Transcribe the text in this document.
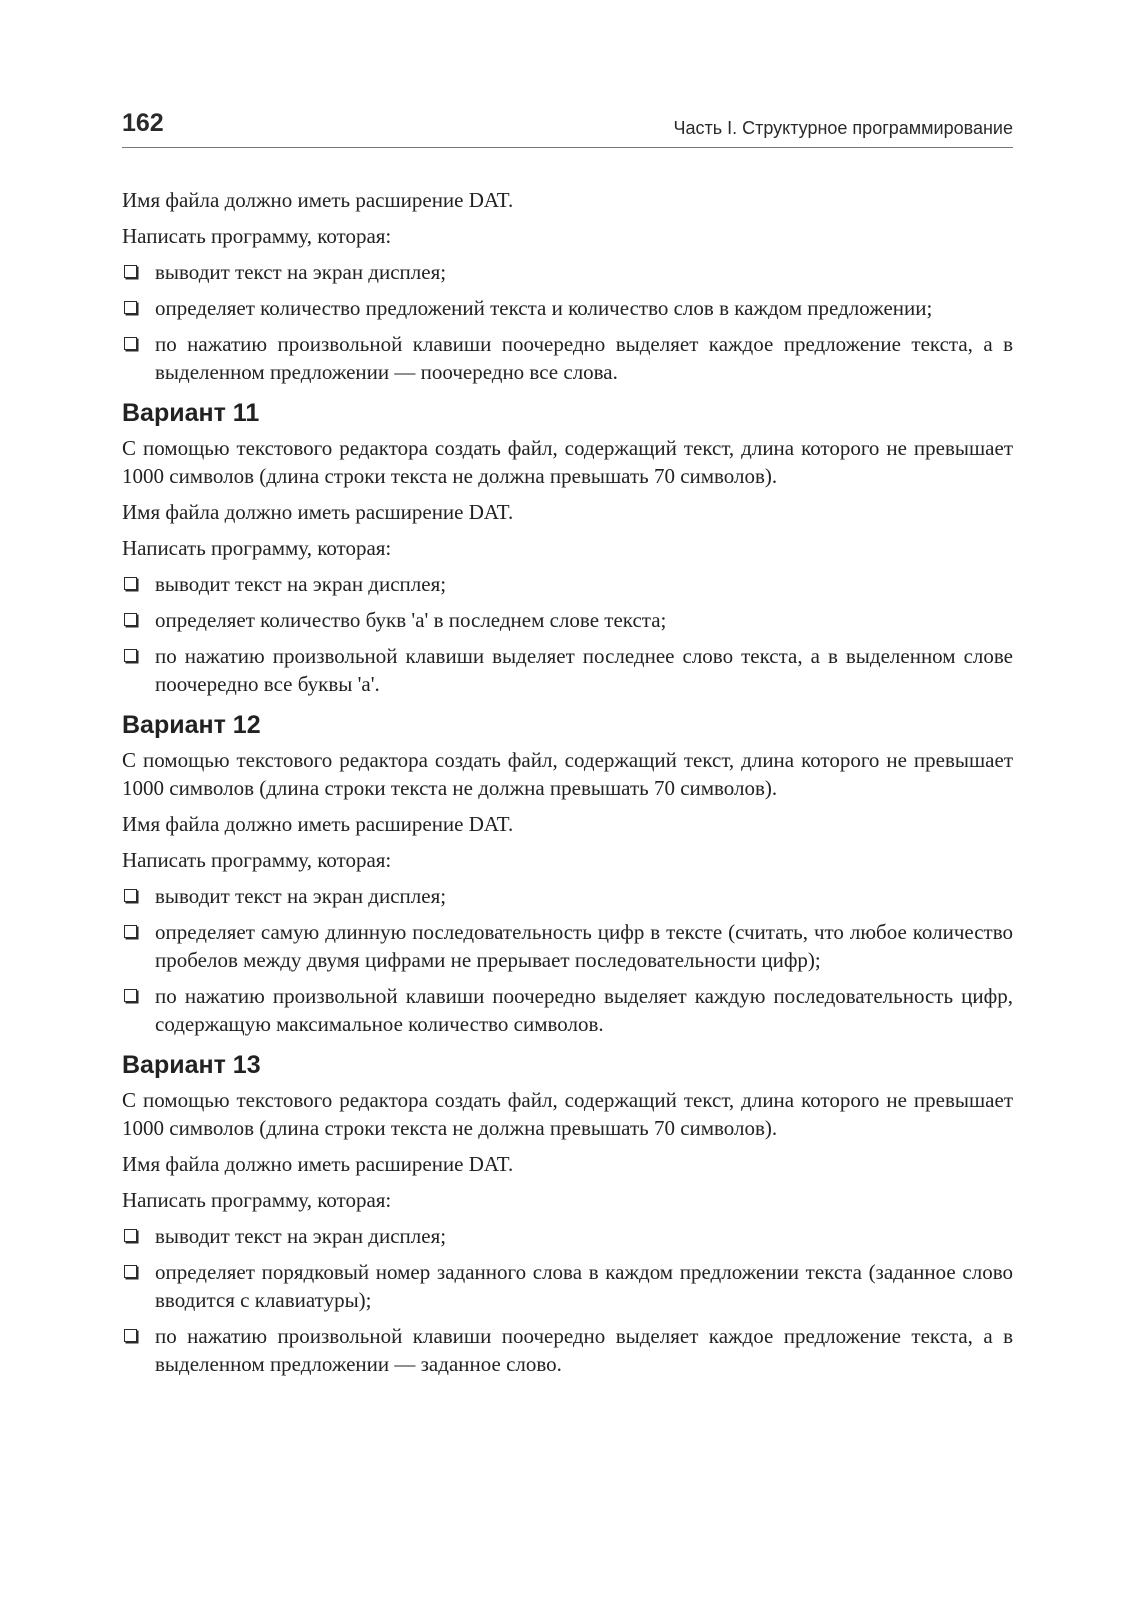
162	Часть I. Структурное программирование

Имя файла должно иметь расширение DAT.

Написать программу, которая:

выводит текст на экран дисплея;
определяет количество предложений текста и количество слов в каждом предложении;
по нажатию произвольной клавиши поочередно выделяет каждое предложение текста, а в выделенном предложении — поочередно все слова.
Вариант 11

С помощью текстового редактора создать файл, содержащий текст, длина которого не превышает 1000 символов (длина строки текста не должна превышать 70 символов).

Имя файла должно иметь расширение DAT.

Написать программу, которая:

выводит текст на экран дисплея;
определяет количество букв 'a' в последнем слове текста;
по нажатию произвольной клавиши выделяет последнее слово текста, а в выделенном слове поочередно все буквы 'a'.
Вариант 12

С помощью текстового редактора создать файл, содержащий текст, длина которого не превышает 1000 символов (длина строки текста не должна превышать 70 символов).

Имя файла должно иметь расширение DAT.

Написать программу, которая:

выводит текст на экран дисплея;
определяет самую длинную последовательность цифр в тексте (считать, что любое количество пробелов между двумя цифрами не прерывает последовательности цифр);
по нажатию произвольной клавиши поочередно выделяет каждую последовательность цифр, содержащую максимальное количество символов.
Вариант 13

С помощью текстового редактора создать файл, содержащий текст, длина которого не превышает 1000 символов (длина строки текста не должна превышать 70 символов).

Имя файла должно иметь расширение DAT.

Написать программу, которая:

выводит текст на экран дисплея;
определяет порядковый номер заданного слова в каждом предложении текста (заданное слово вводится с клавиатуры);
по нажатию произвольной клавиши поочередно выделяет каждое предложение текста, а в выделенном предложении — заданное слово.
